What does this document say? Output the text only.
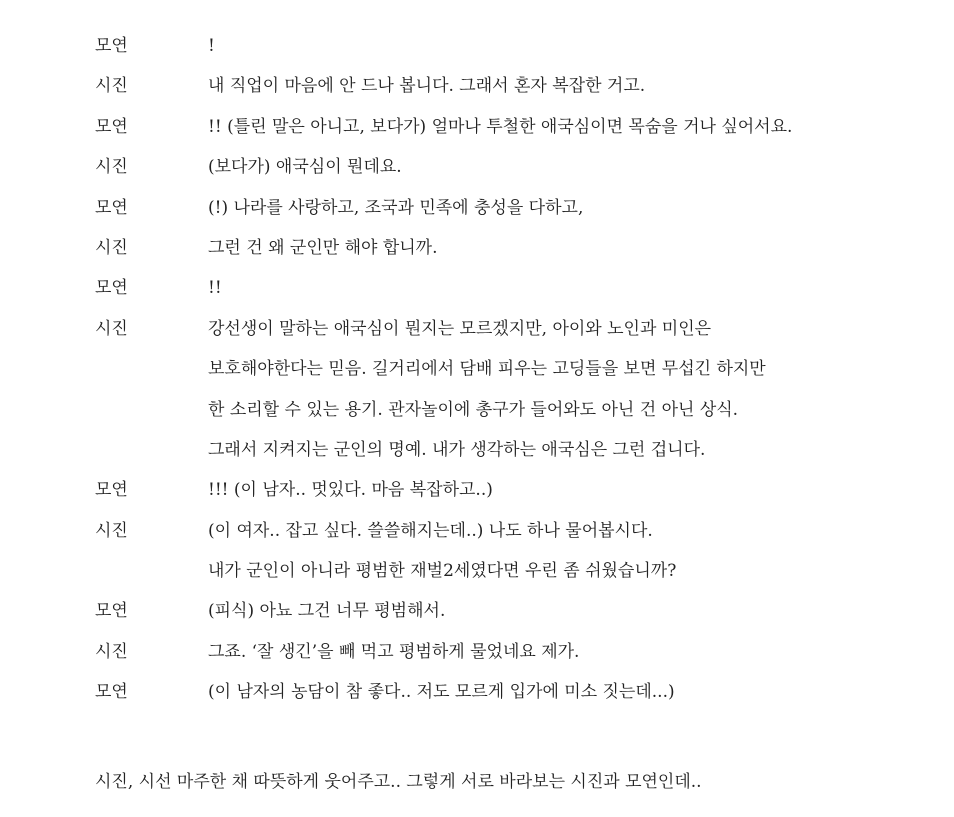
모연	!
시진	내 직업이 마음에 안 드나 봅니다. 그래서 혼자 복잡한 거고.
모연	!! (틀린 말은 아니고, 보다가) 얼마나 투철한 애국심이면 목숨을 거나 싶어서요.
시진	(보다가) 애국심이 뭔데요.
모연	(!) 나라를 사랑하고, 조국과 민족에 충성을 다하고,
시진	그런 건 왜 군인만 해야 합니까.
모연	!!
시진	강선생이 말하는 애국심이 뭔지는 모르겠지만, 아이와 노인과 미인은
보호해야한다는 믿음. 길거리에서 담배 피우는 고딩들을 보면 무섭긴 하지만
한 소리할 수 있는 용기. 관자놀이에 총구가 들어와도 아닌 건 아닌 상식.
그래서 지켜지는 군인의 명예. 내가 생각하는 애국심은 그런 겁니다.
모연	!!! (이 남자.. 멋있다. 마음 복잡하고..)
시진	(이 여자.. 잡고 싶다. 쓸쓸해지는데..) 나도 하나 물어봅시다.
내가 군인이 아니라 평범한 재벌2세였다면 우린 좀 쉬웠습니까?
모연	(피식) 아뇨 그건 너무 평범해서.
시진	그죠. ‘잘 생긴’을 빼 먹고 평범하게 물었네요 제가.
모연	(이 남자의 농담이 참 좋다.. 저도 모르게 입가에 미소 짓는데...)
시진, 시선 마주한 채 따뜻하게 웃어주고.. 그렇게 서로 바라보는 시진과 모연인데..
